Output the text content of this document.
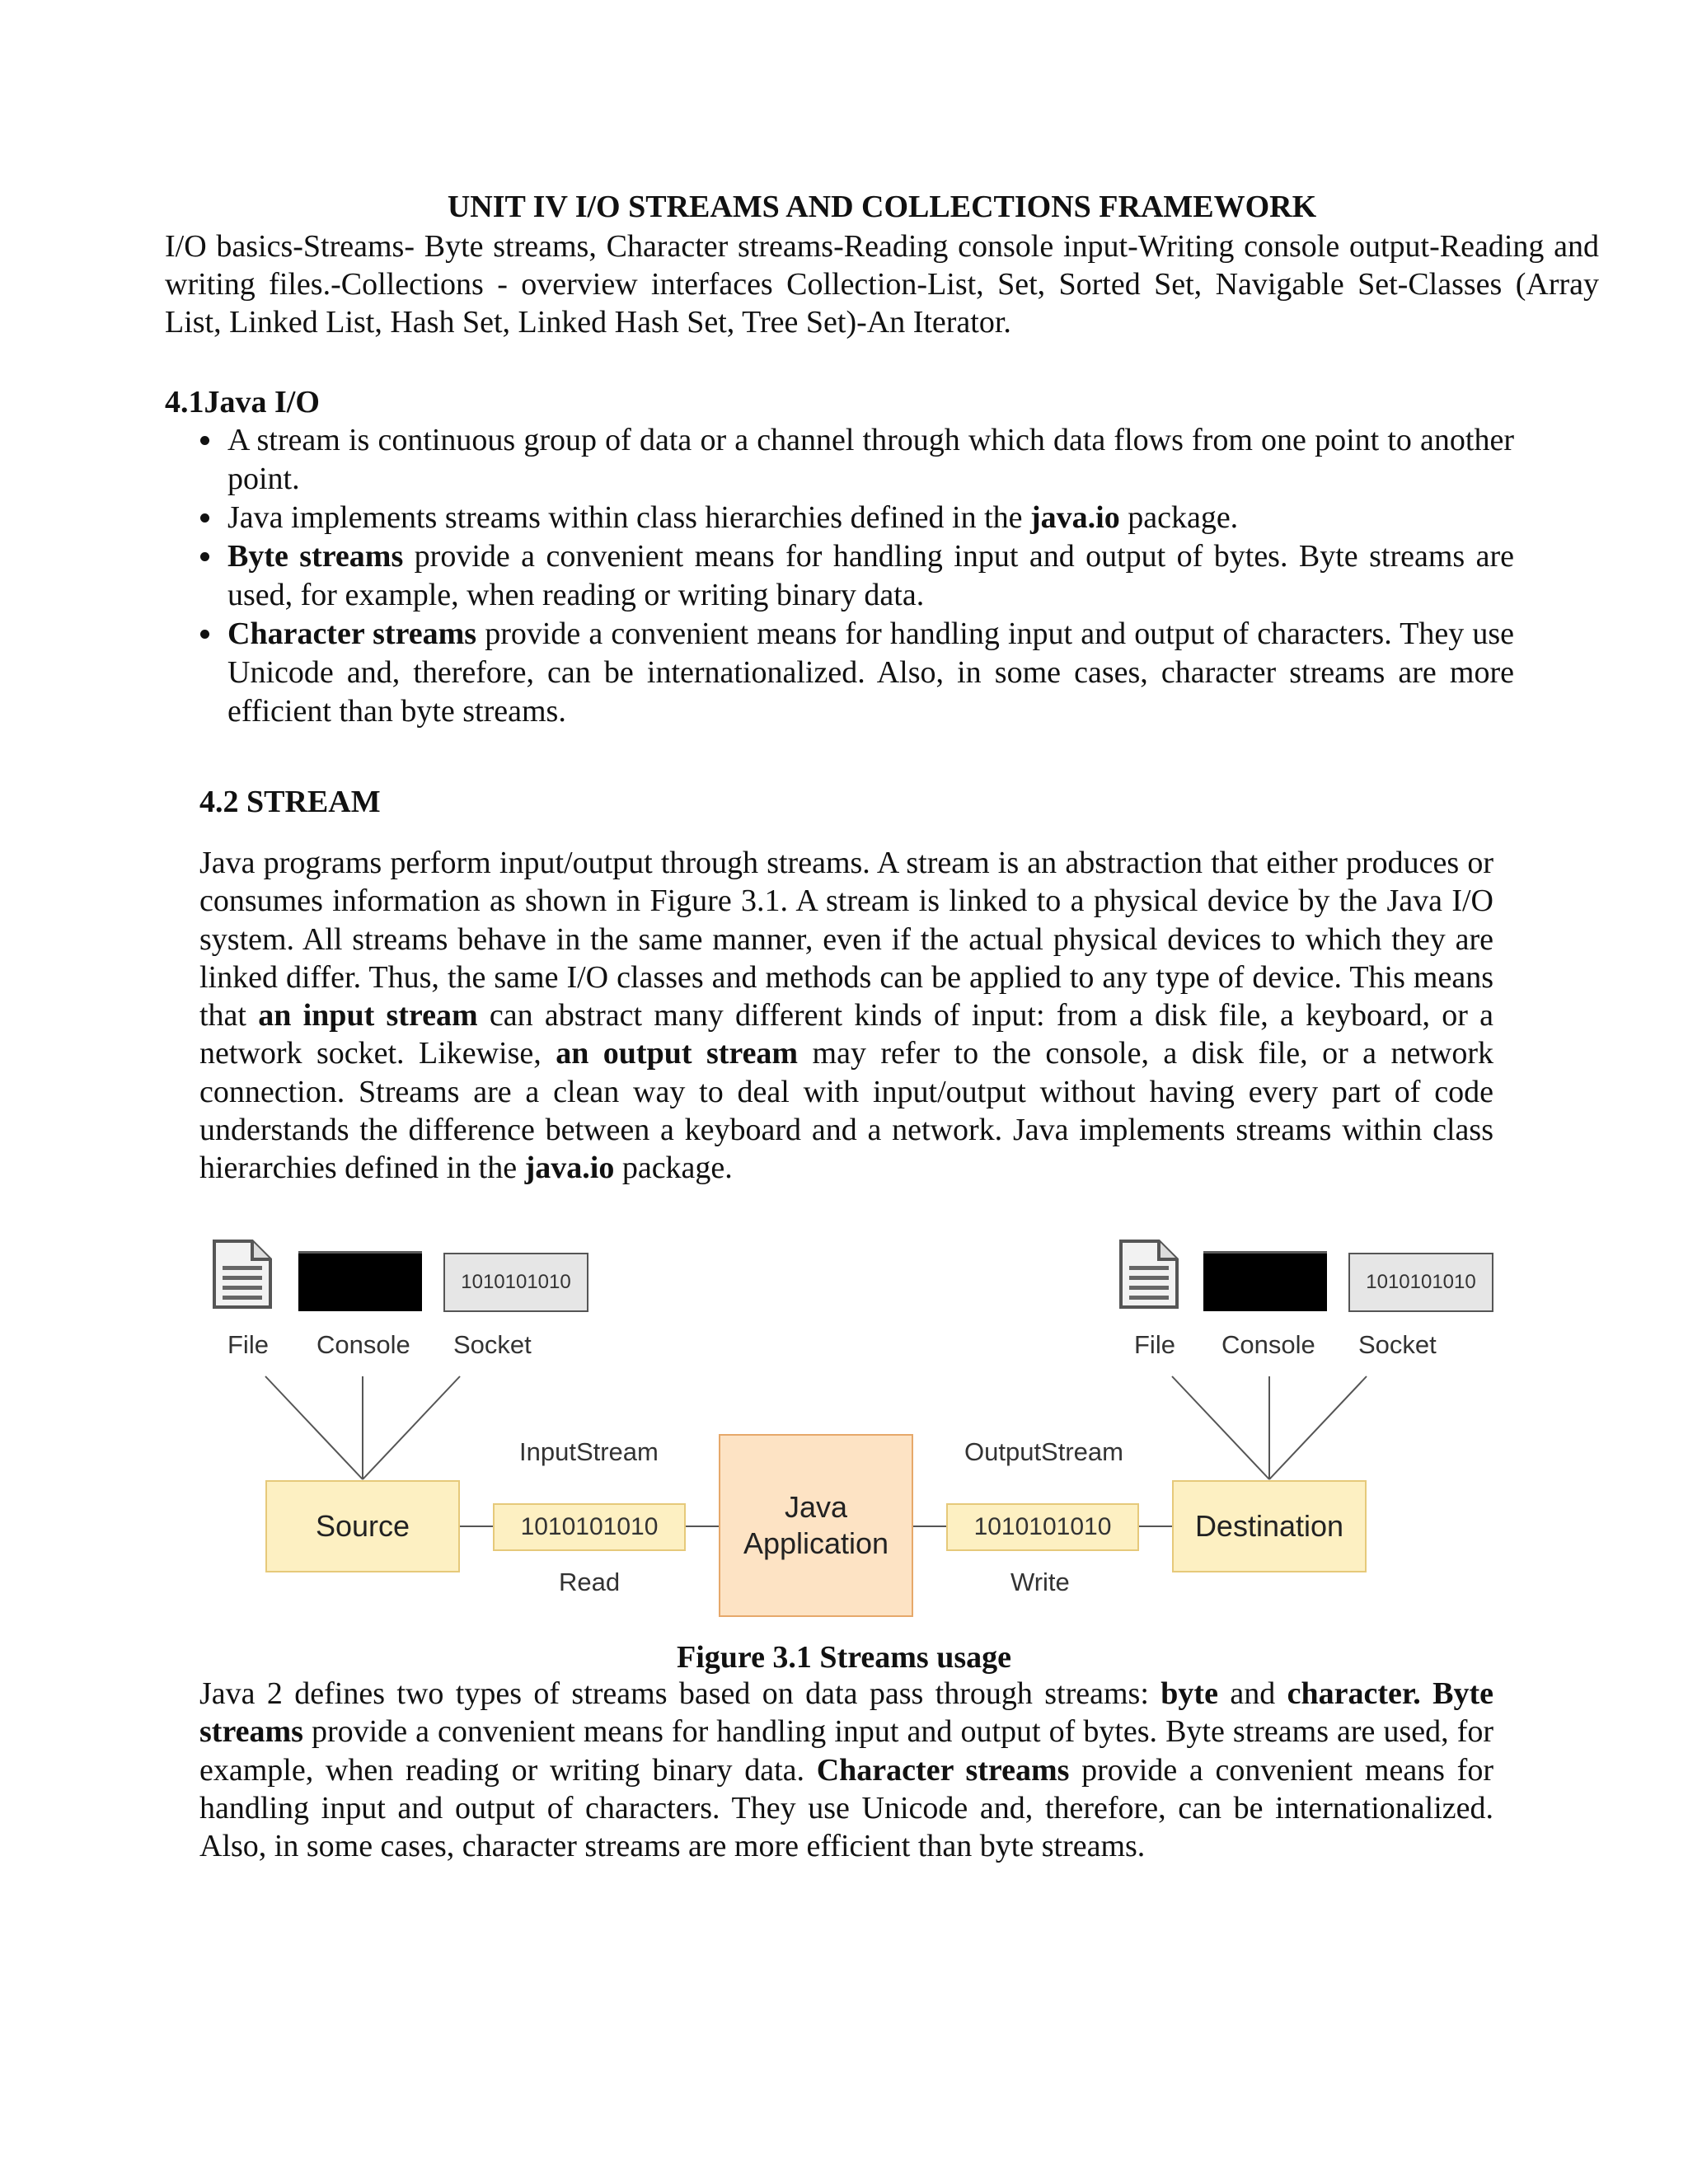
UNIT IV I/O STREAMS AND COLLECTIONS FRAMEWORK
I/O basics-Streams- Byte streams, Character streams-Reading console input-Writing console output-Reading and writing files.-Collections - overview interfaces Collection-List, Set, Sorted Set, Navigable Set-Classes (Array List, Linked List, Hash Set, Linked Hash Set, Tree Set)-An Iterator.
4.1Java I/O
• A stream is continuous group of data or a channel through which data flows from one point to another point.
• Java implements streams within class hierarchies defined in the java.io package.
• Byte streams provide a convenient means for handling input and output of bytes. Byte streams are used, for example, when reading or writing binary data.
• Character streams provide a convenient means for handling input and output of characters. They use Unicode and, therefore, can be internationalized. Also, in some cases, character streams are more efficient than byte streams.
4.2 STREAM
Java programs perform input/output through streams. A stream is an abstraction that either produces or consumes information as shown in Figure 3.1. A stream is linked to a physical device by the Java I/O system. All streams behave in the same manner, even if the actual physical devices to which they are linked differ. Thus, the same I/O classes and methods can be applied to any type of device. This means that an input stream can abstract many different kinds of input: from a disk file, a keyboard, or a network socket. Likewise, an output stream may refer to the console, a disk file, or a network connection. Streams are a clean way to deal with input/output without having every part of code understands the difference between a keyboard and a network. Java implements streams within class hierarchies defined in the java.io package.
1010101010
File Console Socket
1010101010
File Console Socket
Source
InputStream
1010101010
Read
Java
Application
OutputStream
1010101010
Write
Destination
Figure 3.1 Streams usage
Java 2 defines two types of streams based on data pass through streams: byte and character. Byte streams provide a convenient means for handling input and output of bytes. Byte streams are used, for example, when reading or writing binary data. Character streams provide a convenient means for handling input and output of characters. They use Unicode and, therefore, can be internationalized. Also, in some cases, character streams are more efficient than byte streams.
